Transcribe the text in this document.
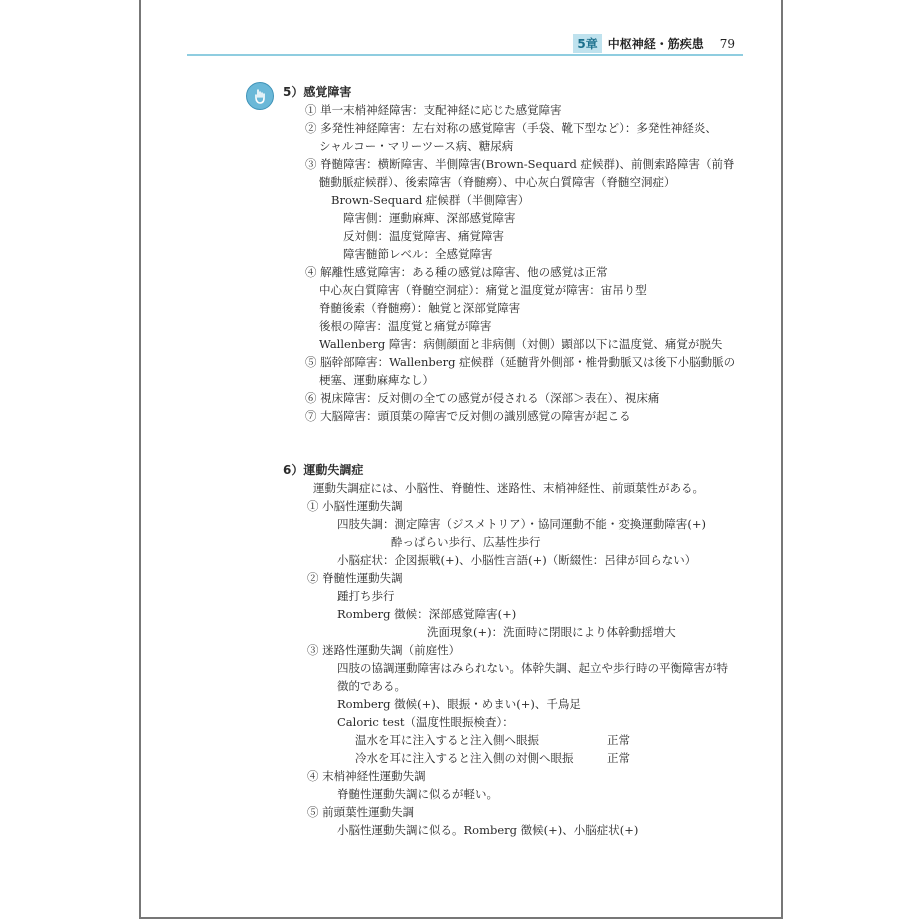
5章 中枢神経・筋疾患 79
5）感覚障害
① 単一末梢神経障害：支配神経に応じた感覚障害
② 多発性神経障害：左右対称の感覚障害（手袋、靴下型など）：多発性神経炎、
シャルコー・マリーツース病、糖尿病
③ 脊髄障害：横断障害、半側障害(Brown-Sequard 症候群)、前側索路障害（前脊
髄動脈症候群）、後索障害（脊髄癆）、中心灰白質障害（脊髄空洞症）
Brown-Sequard 症候群（半側障害）
障害側：運動麻痺、深部感覚障害
反対側：温度覚障害、痛覚障害
障害髄節レベル：全感覚障害
④ 解離性感覚障害：ある種の感覚は障害、他の感覚は正常
中心灰白質障害（脊髄空洞症）：痛覚と温度覚が障害：宙吊り型
脊髄後索（脊髄癆）：触覚と深部覚障害
後根の障害：温度覚と痛覚が障害
Wallenberg 障害：病側顔面と非病側（対側）顕部以下に温度覚、痛覚が脱失
⑤ 脳幹部障害：Wallenberg 症候群（延髄背外側部・椎骨動脈又は後下小脳動脈の
梗塞、運動麻痺なし）
⑥ 視床障害：反対側の全ての感覚が侵される（深部＞表在）、視床痛
⑦ 大脳障害：頭頂葉の障害で反対側の識別感覚の障害が起こる
6）運動失調症
運動失調症には、小脳性、脊髄性、迷路性、末梢神経性、前頭葉性がある。
① 小脳性運動失調
四肢失調：測定障害（ジスメトリア）・協同運動不能・変換運動障害(+)
酔っぱらい歩行、広基性歩行
小脳症状：企図振戦(+)、小脳性言語(+)（断綴性：呂律が回らない）
② 脊髄性運動失調
踵打ち歩行
Romberg 徴候：深部感覚障害(+)
洗面現象(+)：洗面時に閉眼により体幹動揺増大
③ 迷路性運動失調（前庭性）
四肢の協調運動障害はみられない。体幹失調、起立や歩行時の平衡障害が特
徴的である。
Romberg 徴候(+)、眼振・めまい(+)、千鳥足
Caloric test（温度性眼振検査）：
温水を耳に注入すると注入側へ眼振	正常
冷水を耳に注入すると注入側の対側へ眼振	正常
④ 末梢神経性運動失調
脊髄性運動失調に似るが軽い。
⑤ 前頭葉性運動失調
小脳性運動失調に似る。Romberg 徴候(+)、小脳症状(+)
